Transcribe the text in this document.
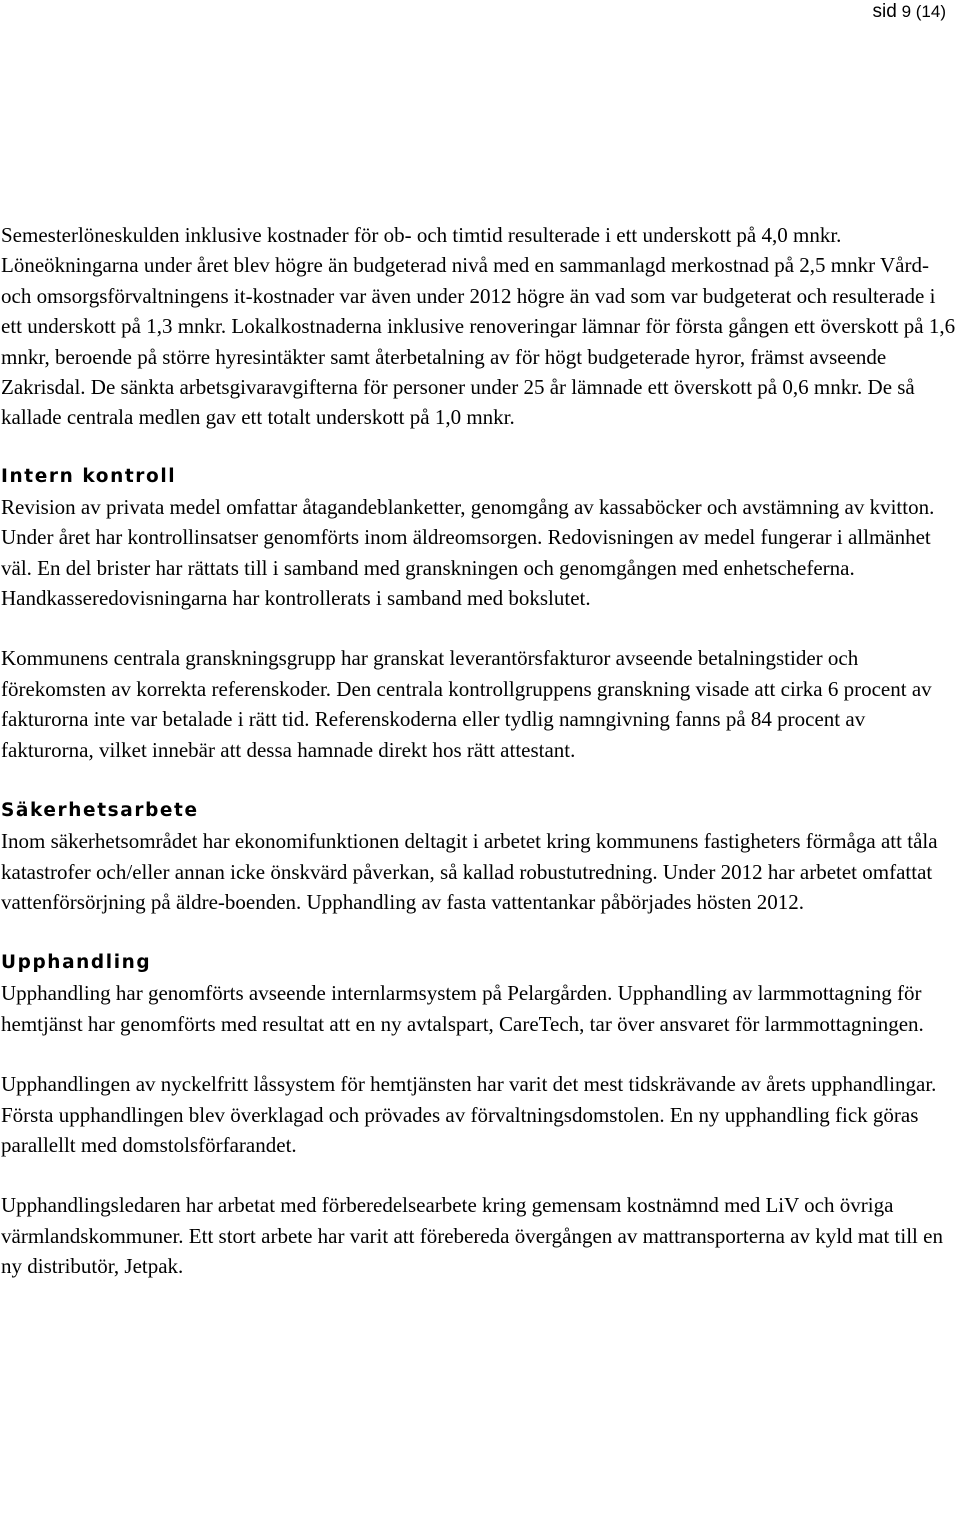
sid 9 (14)

Semesterlöneskulden inklusive kostnader för ob- och timtid resulterade i ett underskott på 4,0 mnkr. Löneökningarna under året blev högre än budgeterad nivå med en sammanlagd merkostnad på 2,5 mnkr Vård- och omsorgsförvaltningens it-kostnader var även under 2012 högre än vad som var budgeterat och resulterade i ett underskott på 1,3 mnkr. Lokalkostnaderna inklusive renoveringar lämnar för första gången ett överskott på 1,6 mnkr, beroende på större hyresintäkter samt återbetalning av för högt budgeterade hyror, främst avseende Zakrisdal. De sänkta arbetsgivaravgifterna för personer under 25 år lämnade ett överskott på 0,6 mnkr. De så kallade centrala medlen gav ett totalt underskott på 1,0 mnkr.

Intern kontroll

Revision av privata medel omfattar åtagandeblanketter, genomgång av kassaböcker och avstämning av kvitton. Under året har kontrollinsatser genomförts inom äldreomsorgen. Redovisningen av medel fungerar i allmänhet väl. En del brister har rättats till i samband med granskningen och genomgången med enhetscheferna. Handkasseredovisningarna har kontrollerats i samband med bokslutet.

Kommunens centrala granskningsgrupp har granskat leverantörsfakturor avseende betalningstider och förekomsten av korrekta referenskoder. Den centrala kontrollgruppens granskning visade att cirka 6 procent av fakturorna inte var betalade i rätt tid. Referenskoderna eller tydlig namngivning fanns på 84 procent av fakturorna, vilket innebär att dessa hamnade direkt hos rätt attestant.

Säkerhetsarbete

Inom säkerhetsområdet har ekonomifunktionen deltagit i arbetet kring kommunens fastigheters förmåga att tåla katastrofer och/eller annan icke önskvärd påverkan, så kallad robustutredning. Under 2012 har arbetet omfattat vattenförsörjning på äldre-boenden. Upphandling av fasta vattentankar påbörjades hösten 2012.

Upphandling

Upphandling har genomförts avseende internlarmsystem på Pelargården. Upphandling av larmmottagning för hemtjänst har genomförts med resultat att en ny avtalspart, CareTech, tar över ansvaret för larmmottagningen.

Upphandlingen av nyckelfritt låssystem för hemtjänsten har varit det mest tidskrävande av årets upphandlingar. Första upphandlingen blev överklagad och prövades av förvaltningsdomstolen. En ny upphandling fick göras parallellt med domstolsförfarandet.

Upphandlingsledaren har arbetat med förberedelsearbete kring gemensam kostnämnd med LiV och övriga värmlandskommuner. Ett stort arbete har varit att förebereda övergången av mattransporterna av kyld mat till en ny distributör, Jetpak.
